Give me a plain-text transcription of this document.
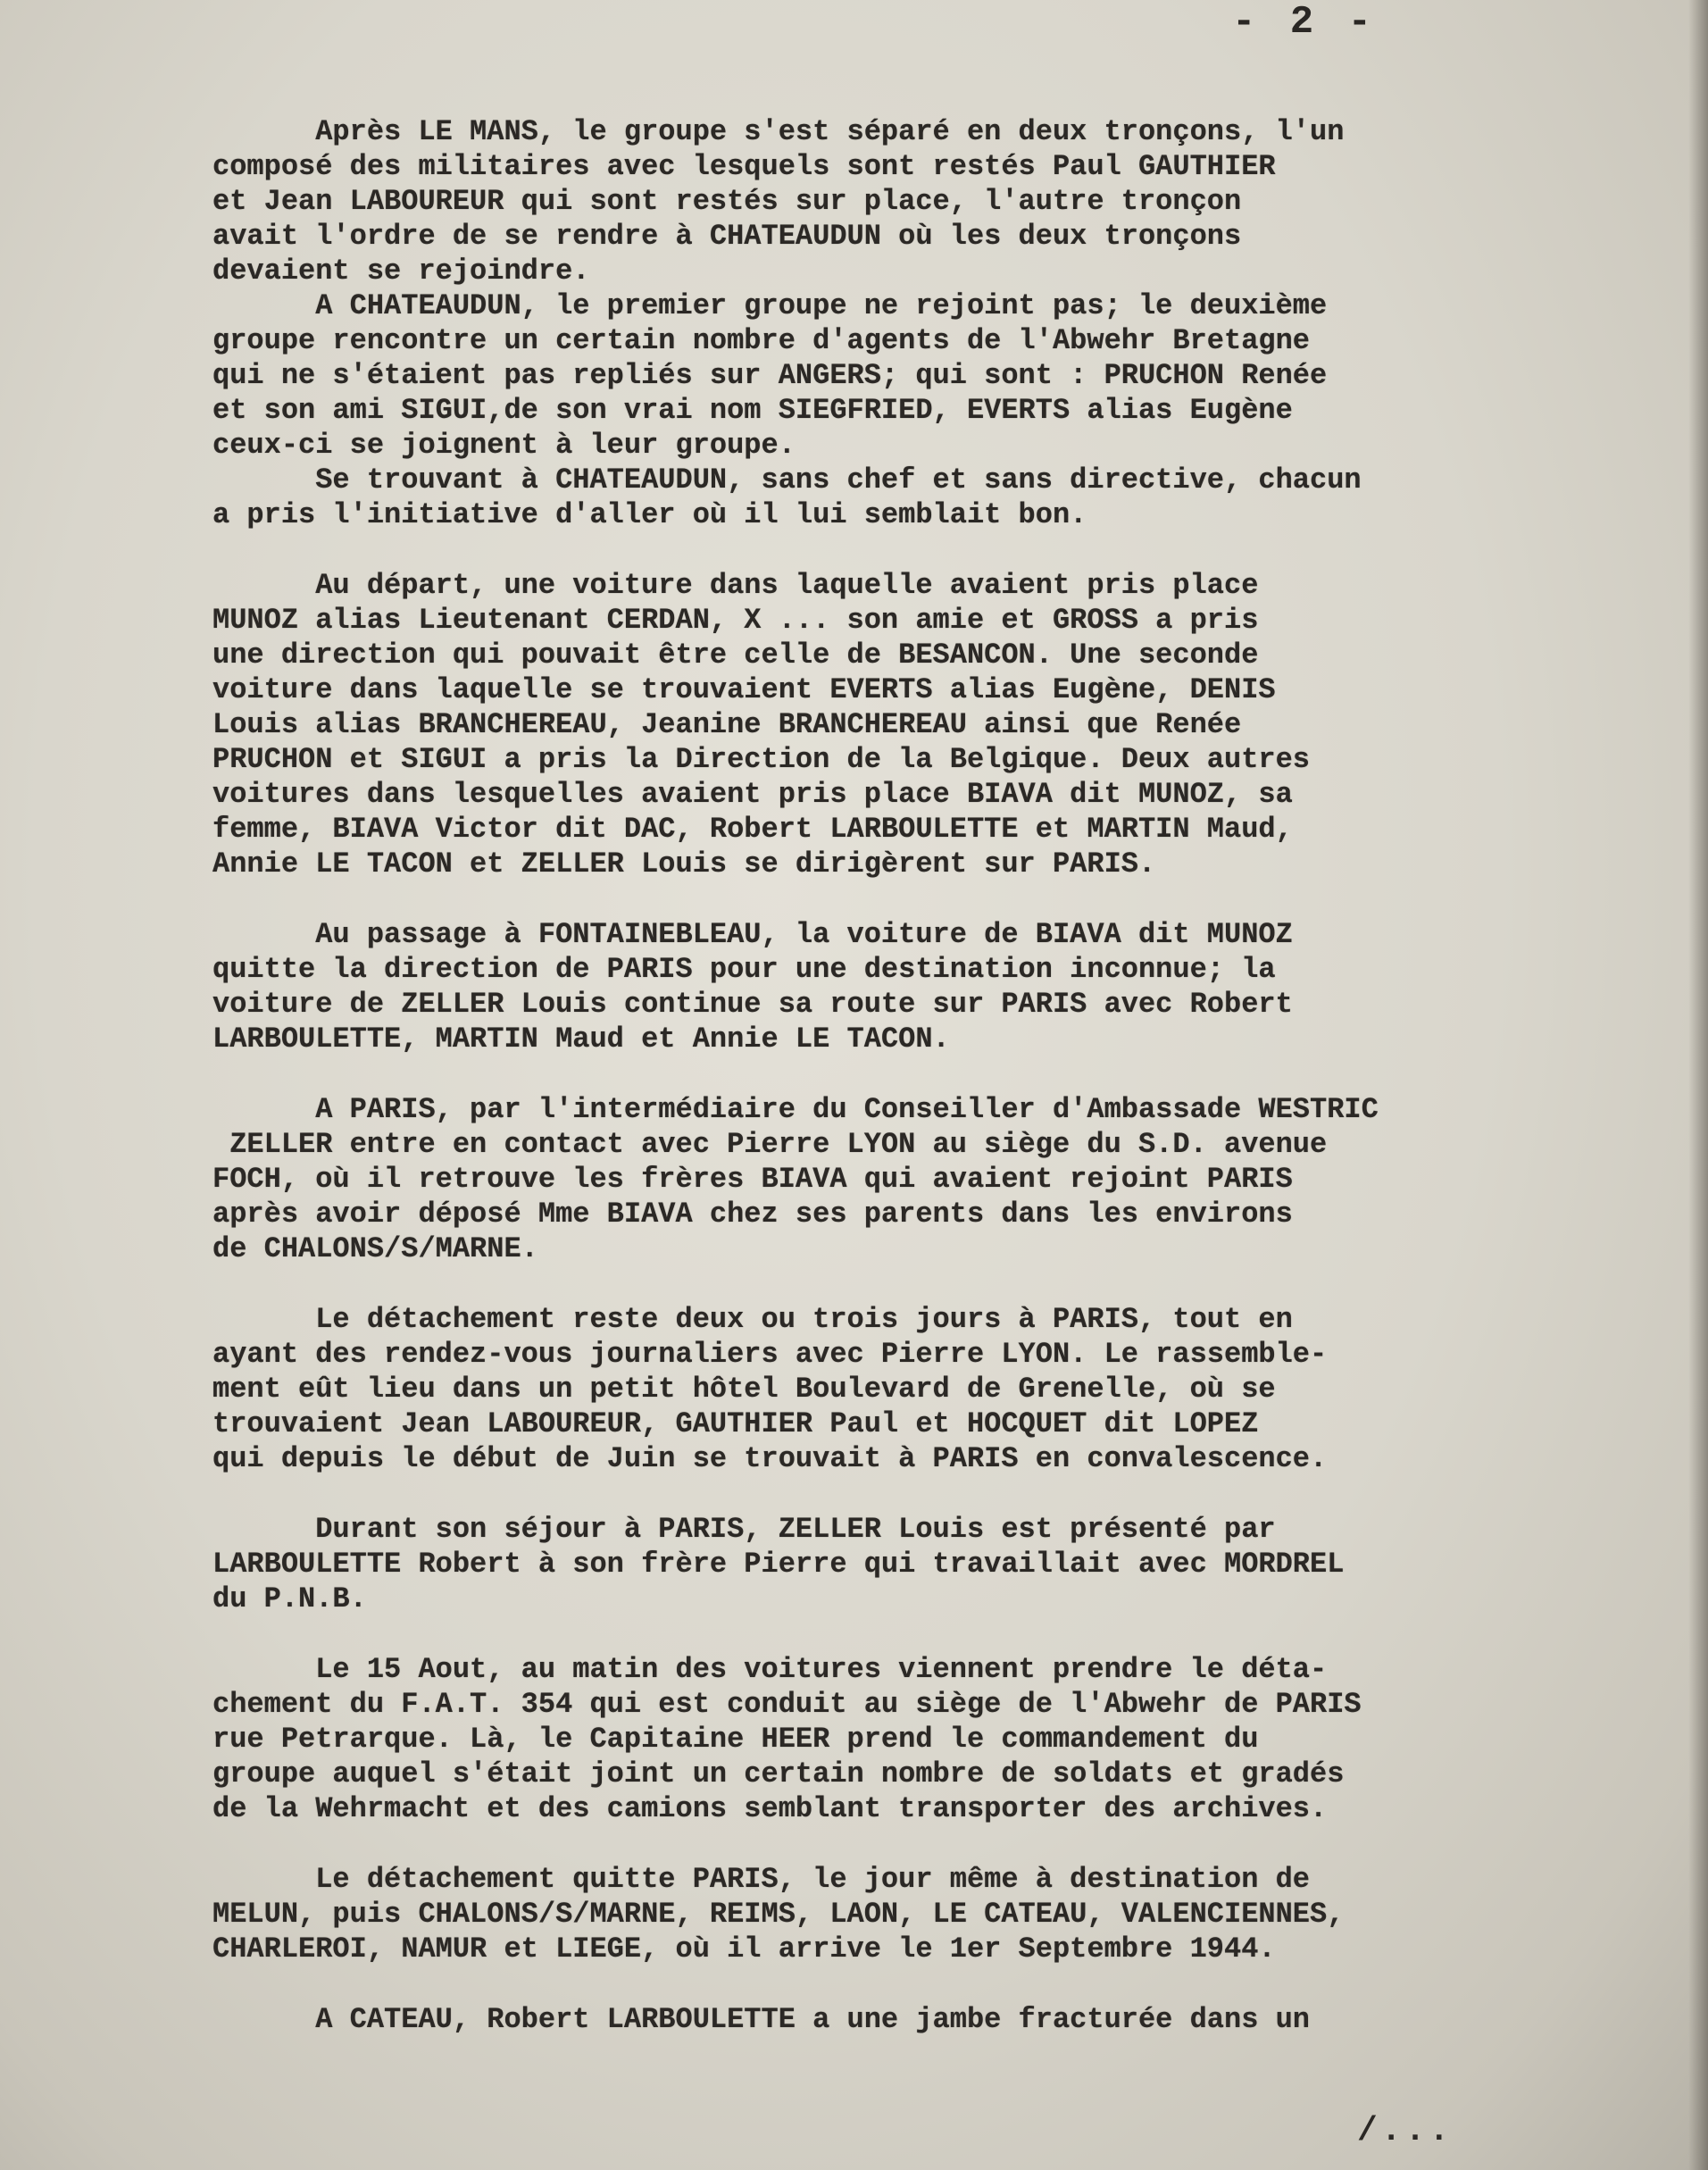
- 2 -
Après LE MANS, le groupe s'est séparé en deux tronçons, l'un
composé des militaires avec lesquels sont restés Paul GAUTHIER
et Jean LABOUREUR qui sont restés sur place, l'autre tronçon
avait l'ordre de se rendre à CHATEAUDUN où les deux tronçons
devaient se rejoindre.
A CHATEAUDUN, le premier groupe ne rejoint pas; le deuxième
groupe rencontre un certain nombre d'agents de l'Abwehr Bretagne
qui ne s'étaient pas repliés sur ANGERS; qui sont : PRUCHON Renée
et son ami SIGUI,de son vrai nom SIEGFRIED, EVERTS alias Eugène
ceux-ci se joignent à leur groupe.
Se trouvant à CHATEAUDUN, sans chef et sans directive, chacun
a pris l'initiative d'aller où il lui semblait bon.
Au départ, une voiture dans laquelle avaient pris place
MUNOZ alias Lieutenant CERDAN, X ... son amie et GROSS a pris
une direction qui pouvait être celle de BESANCON. Une seconde
voiture dans laquelle se trouvaient EVERTS alias Eugène, DENIS
Louis alias BRANCHEREAU, Jeanine BRANCHEREAU ainsi que Renée
PRUCHON et SIGUI a pris la Direction de la Belgique. Deux autres
voitures dans lesquelles avaient pris place BIAVA dit MUNOZ, sa
femme, BIAVA Victor dit DAC, Robert LARBOULETTE et MARTIN Maud,
Annie LE TACON et ZELLER Louis se dirigèrent sur PARIS.
Au passage à FONTAINEBLEAU, la voiture de BIAVA dit MUNOZ
quitte la direction de PARIS pour une destination inconnue; la
voiture de ZELLER Louis continue sa route sur PARIS avec Robert
LARBOULETTE, MARTIN Maud et Annie LE TACON.
A PARIS, par l'intermédiaire du Conseiller d'Ambassade WESTRIC
ZELLER entre en contact avec Pierre LYON au siège du S.D. avenue
FOCH, où il retrouve les frères BIAVA qui avaient rejoint PARIS
après avoir déposé Mme BIAVA chez ses parents dans les environs
de CHALONS/S/MARNE.
Le détachement reste deux ou trois jours à PARIS, tout en
ayant des rendez-vous journaliers avec Pierre LYON. Le rassemble-
ment eût lieu dans un petit hôtel Boulevard de Grenelle, où se
trouvaient Jean LABOUREUR, GAUTHIER Paul et HOCQUET dit LOPEZ
qui depuis le début de Juin se trouvait à PARIS en convalescence.
Durant son séjour à PARIS, ZELLER Louis est présenté par
LARBOULETTE Robert à son frère Pierre qui travaillait avec MORDREL
du P.N.B.
Le 15 Aout, au matin des voitures viennent prendre le déta-
chement du F.A.T. 354 qui est conduit au siège de l'Abwehr de PARIS
rue Petrarque. Là, le Capitaine HEER prend le commandement du
groupe auquel s'était joint un certain nombre de soldats et gradés
de la Wehrmacht et des camions semblant transporter des archives.
Le détachement quitte PARIS, le jour même à destination de
MELUN, puis CHALONS/S/MARNE, REIMS, LAON, LE CATEAU, VALENCIENNES,
CHARLEROI, NAMUR et LIEGE, où il arrive le 1er Septembre 1944.
A CATEAU, Robert LARBOULETTE a une jambe fracturée dans un
/...
